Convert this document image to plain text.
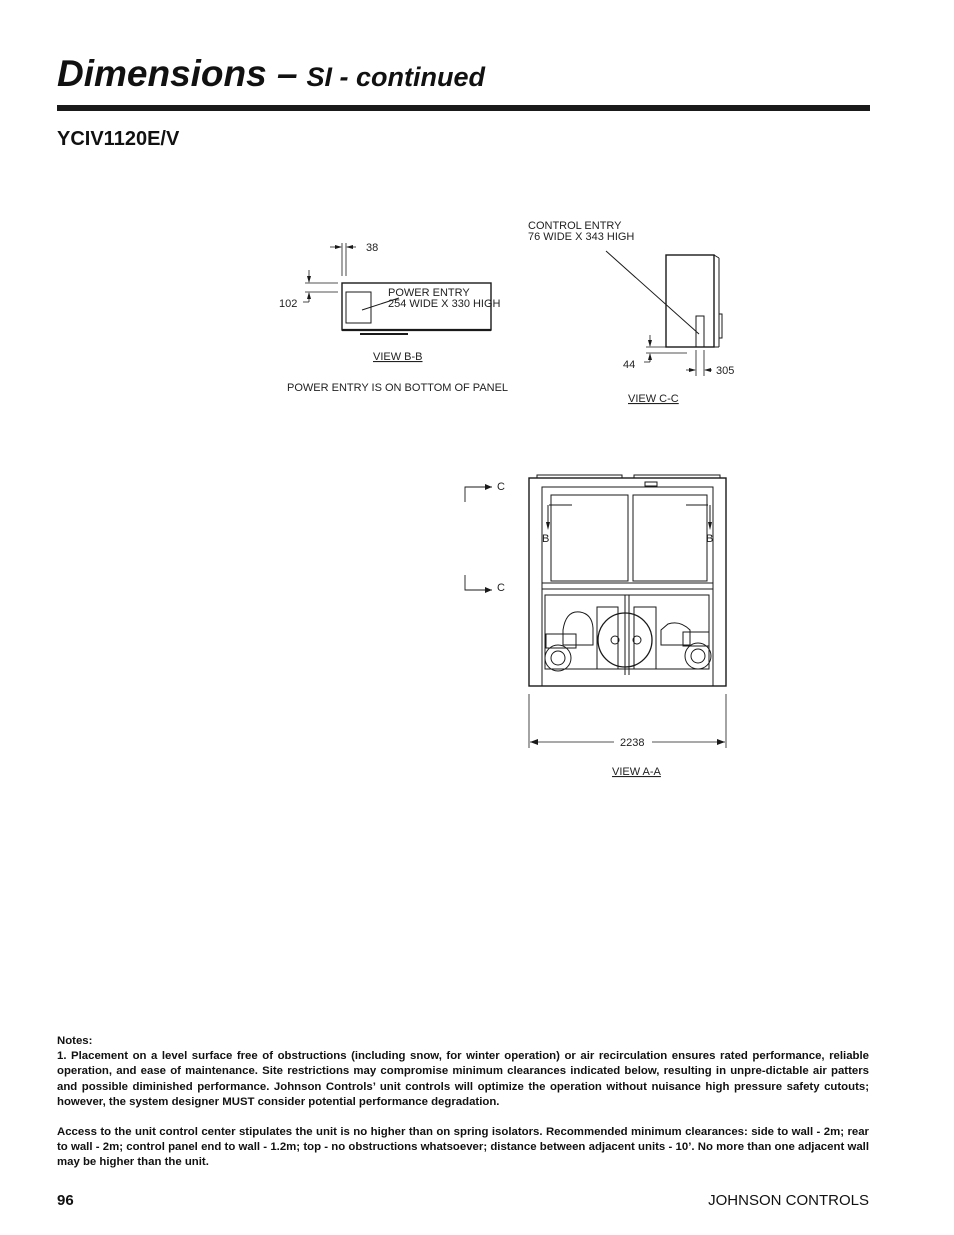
Dimensions – SI - continued
YCIV1120E/V
38
102
POWER ENTRY
254 WIDE X 330 HIGH
VIEW B-B
POWER ENTRY IS ON BOTTOM OF PANEL
CONTROL ENTRY
76 WIDE X 343 HIGH
44	305
VIEW C-C
C
C
B	B
2238
VIEW A-A

Notes:

1. Placement on a level surface free of obstructions (including snow, for winter operation) or air recirculation ensures rated performance, reliable operation, and ease of maintenance. Site restrictions may compromise minimum clearances indicated below, resulting in unpre-dictable air patters and possible diminished performance. Johnson Controls’ unit controls will optimize the operation without nuisance high pressure safety cutouts; however, the system designer MUST consider potential performance degradation.

Access to the unit control center stipulates the unit is no higher than on spring isolators. Recommended minimum clearances: side to wall - 2m; rear to wall - 2m; control panel end to wall - 1.2m; top - no obstructions whatsoever; distance between adjacent units - 10’. No more than one adjacent wall may be higher than the unit.

96	JOHNSON CONTROLS
